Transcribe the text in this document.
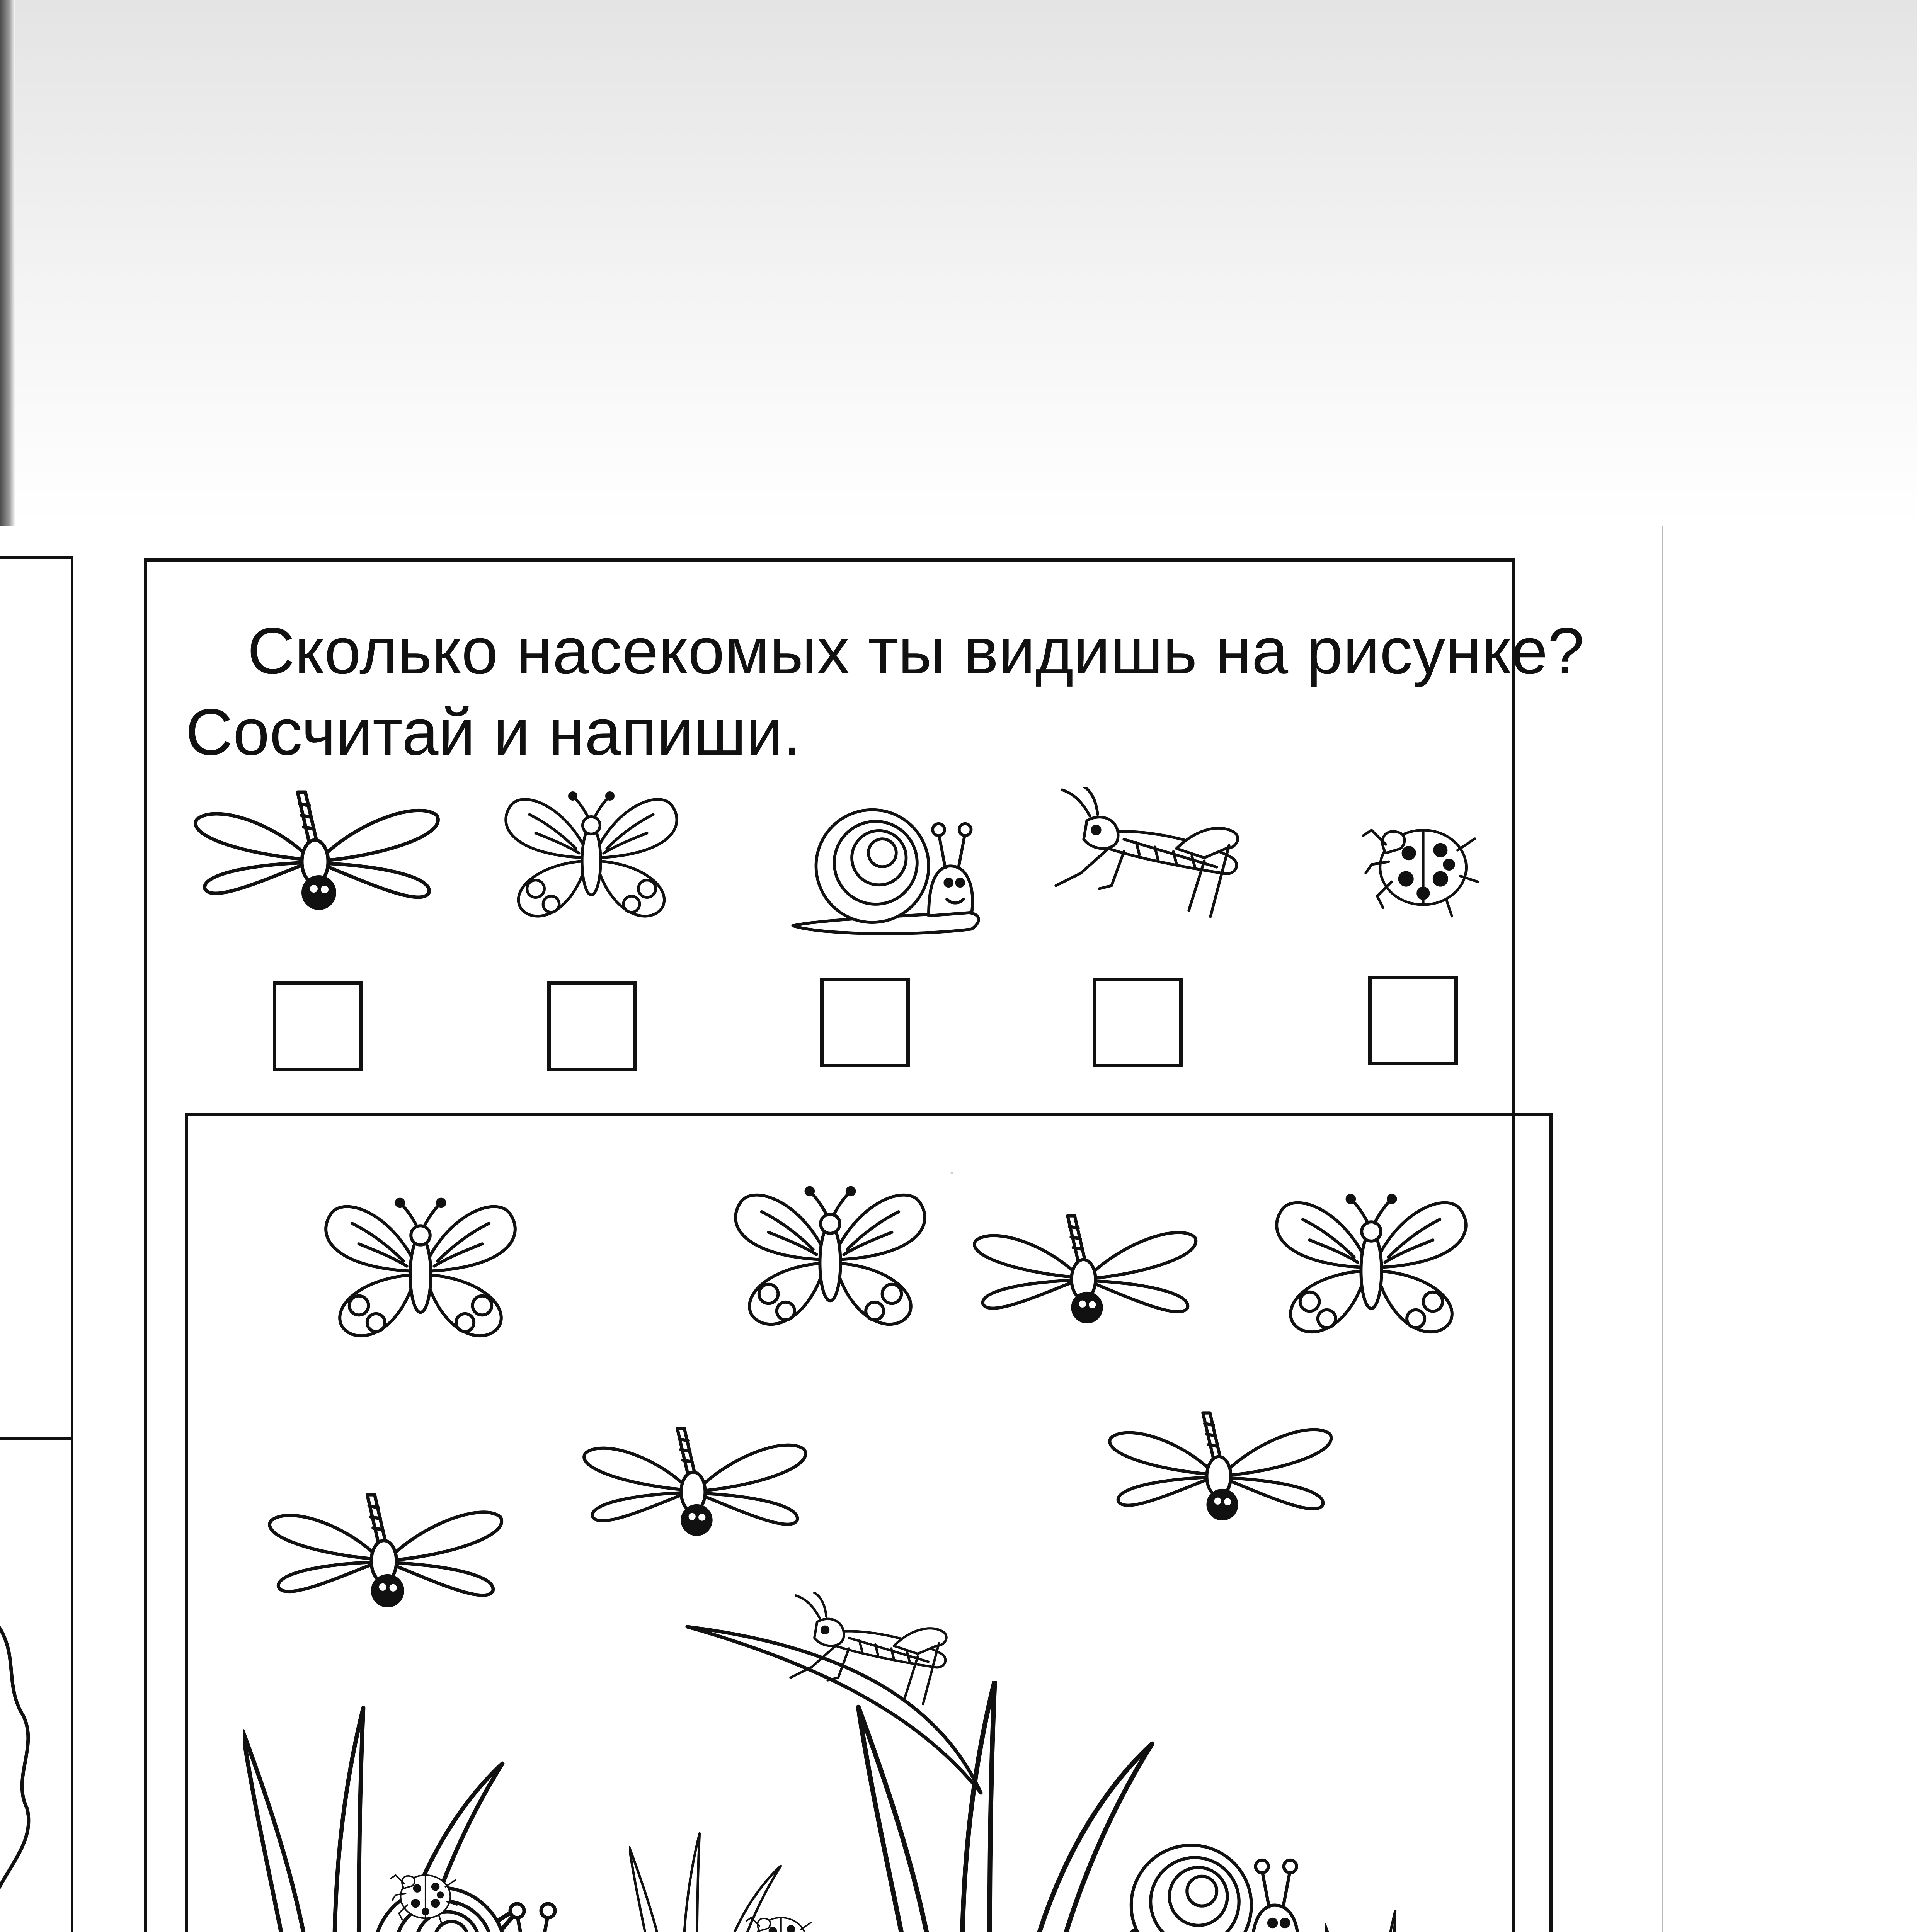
Сколько насекомых ты видишь на рисунке?
Сосчитай и напиши.
